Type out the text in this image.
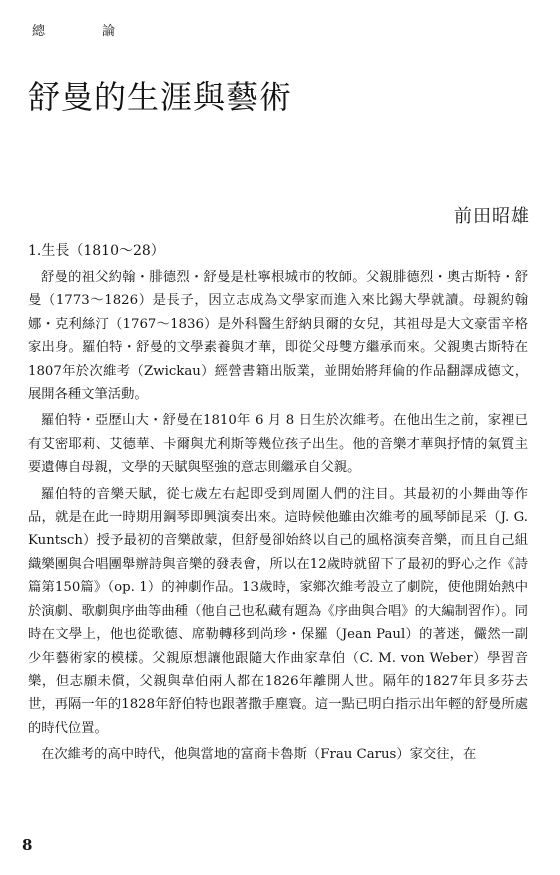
總　論
舒曼的生涯與藝術
前田昭雄
1.生長（1810～28）

舒曼的祖父約翰・腓德烈・舒曼是杜寧根城市的牧師。父親腓德烈・奧古斯特・舒曼（1773～1826）是長子，因立志成為文學家而進入來比錫大學就讀。母親約翰娜・克利絲汀（1767～1836）是外科醫生舒納貝爾的女兒，其祖母是大文豪雷辛格家出身。羅伯特・舒曼的文學素養與才華，即從父母雙方繼承而來。父親奧古斯特在1807年於次維考（Zwickau）經營書籍出版業，並開始將拜倫的作品翻譯成德文，展開各種文筆活動。

羅伯特・亞歷山大・舒曼在1810年 6 月 8 日生於次維考。在他出生之前，家裡已有艾密耶莉、艾德華、卡爾與尤利斯等幾位孩子出生。他的音樂才華與抒情的氣質主要遺傳自母親，文學的天賦與堅強的意志則繼承自父親。

羅伯特的音樂天賦，從七歲左右起即受到周圍人們的注目。其最初的小舞曲等作品，就是在此一時期用鋼琴即興演奏出來。這時候他雖由次維考的風琴師昆采（J. G. Kuntsch）授予最初的音樂啟蒙，但舒曼卻始終以自己的風格演奏音樂，而且自己組織樂團與合唱團舉辦詩與音樂的發表會，所以在12歲時就留下了最初的野心之作《詩篇第150篇》（op. 1）的神劇作品。13歲時，家鄉次維考設立了劇院，使他開始熱中於演劇、歌劇與序曲等曲種（他自己也私藏有題為《序曲與合唱》的大編制習作）。同時在文學上，他也從歌德、席勒轉移到尚珍・保羅（Jean Paul）的著迷，儼然一副少年藝術家的模樣。父親原想讓他跟隨大作曲家韋伯（C. M. von Weber）學習音樂，但志願未償，父親與韋伯兩人都在1826年離開人世。隔年的1827年貝多芬去世，再隔一年的1828年舒伯特也跟著撒手塵寰。這一點已明白指示出年輕的舒曼所處的時代位置。

在次維考的高中時代，他與當地的富商卡魯斯（Frau Carus）家交往，在

8
